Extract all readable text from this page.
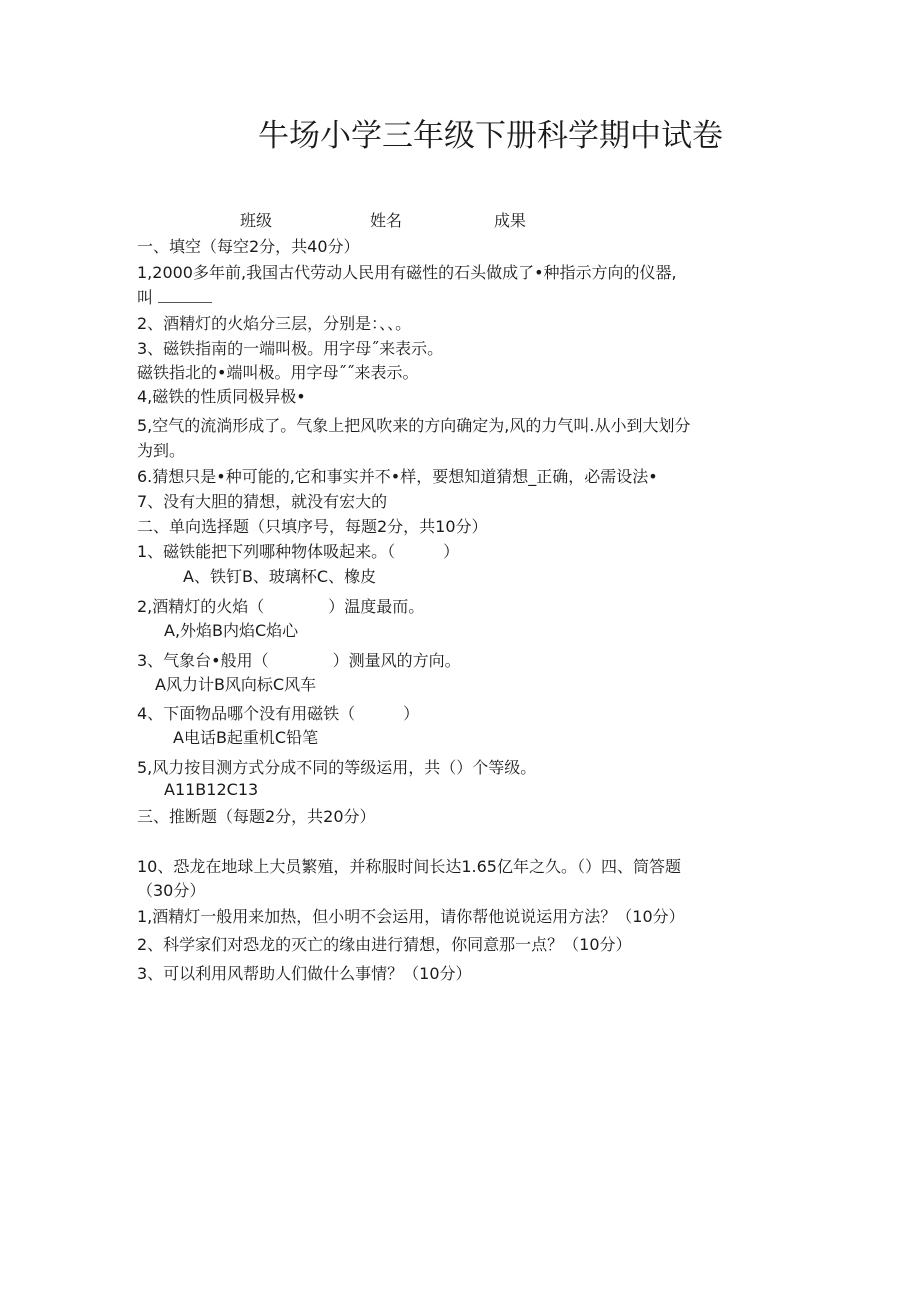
牛场小学三年级下册科学期中试卷
班级	姓名	成果
一、填空（每空2分，共40分）
1,2000多年前,我国古代劳动人民用有磁性的石头做成了•种指示方向的仪器,
叫
2、酒精灯的火焰分三层，分别是：、、。
3、磁铁指南的一端叫极。用字母˝来表示。
磁铁指北的•端叫极。用字母˝˝来表示。
4,磁铁的性质同极异极•
5,空气的流淌形成了。气象上把风吹来的方向确定为,风的力气叫.从小到大划分
为到。
6.猜想只是•种可能的,它和事实并不•样，要想知道猜想_正确，必需设法•
7、没有大胆的猜想，就没有宏大的
二、单向选择题（只填序号，每题2分，共10分）
1、磁铁能把下列哪种物体吸起来。（　　　）
A、铁钉B、玻璃杯C、橡皮
2,酒精灯的火焰（　　　　）温度最而。
A,外焰B内焰C焰心
3、气象台•般用（　　　　）测量风的方向。
A风力计B风向标C风车
4、下面物品哪个没有用磁铁（　　　）
A电话B起重机C铅笔
5,风力按目测方式分成不同的等级运用，共（）个等级。
A11B12C13
三、推断题（每题2分，共20分）
10、恐龙在地球上大员繁殖，并称服时间长达1.65亿年之久。（）四、筒答题
（30分）
1,酒精灯一般用来加热，但小明不会运用，请你帮他说说运用方法？（10分）
2、科学家们对恐龙的灭亡的缘由进行猜想，你同意那一点？（10分）
3、可以利用风帮助人们做什么事情？（10分）
